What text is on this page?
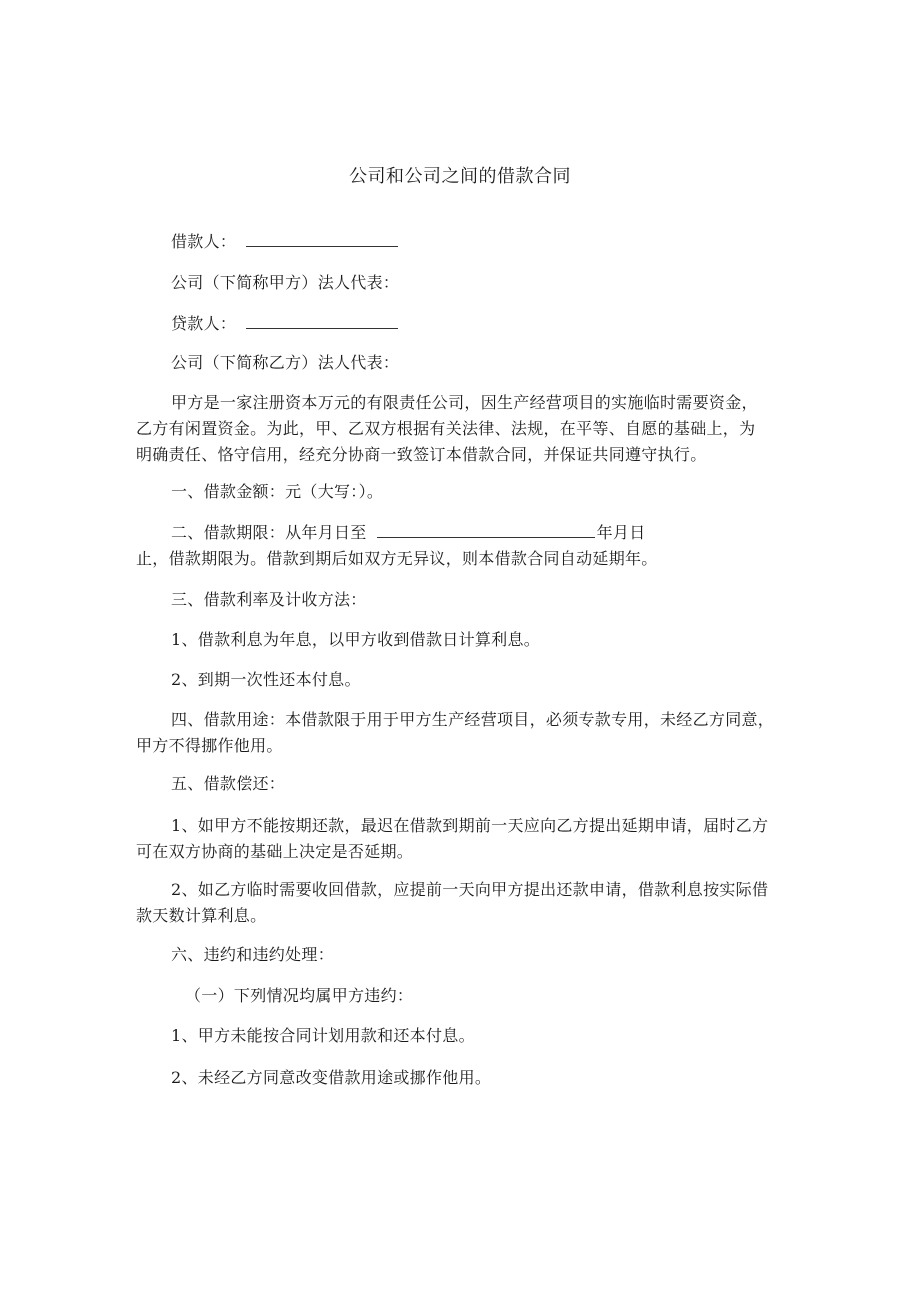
公司和公司之间的借款合同
借款人：
公司（下简称甲方）法人代表：
贷款人：
公司（下简称乙方）法人代表：
甲方是一家注册资本万元的有限责任公司，因生产经营项目的实施临时需要资金，
乙方有闲置资金。为此，甲、乙双方根据有关法律、法规，在平等、自愿的基础上，为
明确责任、恪守信用，经充分协商一致签订本借款合同，并保证共同遵守执行。
一、借款金额：元（大写：）。
二、借款期限：从年月日至	年月日
止，借款期限为。借款到期后如双方无异议，则本借款合同自动延期年。
三、借款利率及计收方法：
1、借款利息为年息，以甲方收到借款日计算利息。
2、到期一次性还本付息。
四、借款用途：本借款限于用于甲方生产经营项目，必须专款专用，未经乙方同意，
甲方不得挪作他用。
五、借款偿还：
1、如甲方不能按期还款，最迟在借款到期前一天应向乙方提出延期申请，届时乙方
可在双方协商的基础上决定是否延期。
2、如乙方临时需要收回借款，应提前一天向甲方提出还款申请，借款利息按实际借
款天数计算利息。
六、违约和违约处理：
（一）下列情况均属甲方违约：
1、甲方未能按合同计划用款和还本付息。
2、未经乙方同意改变借款用途或挪作他用。
